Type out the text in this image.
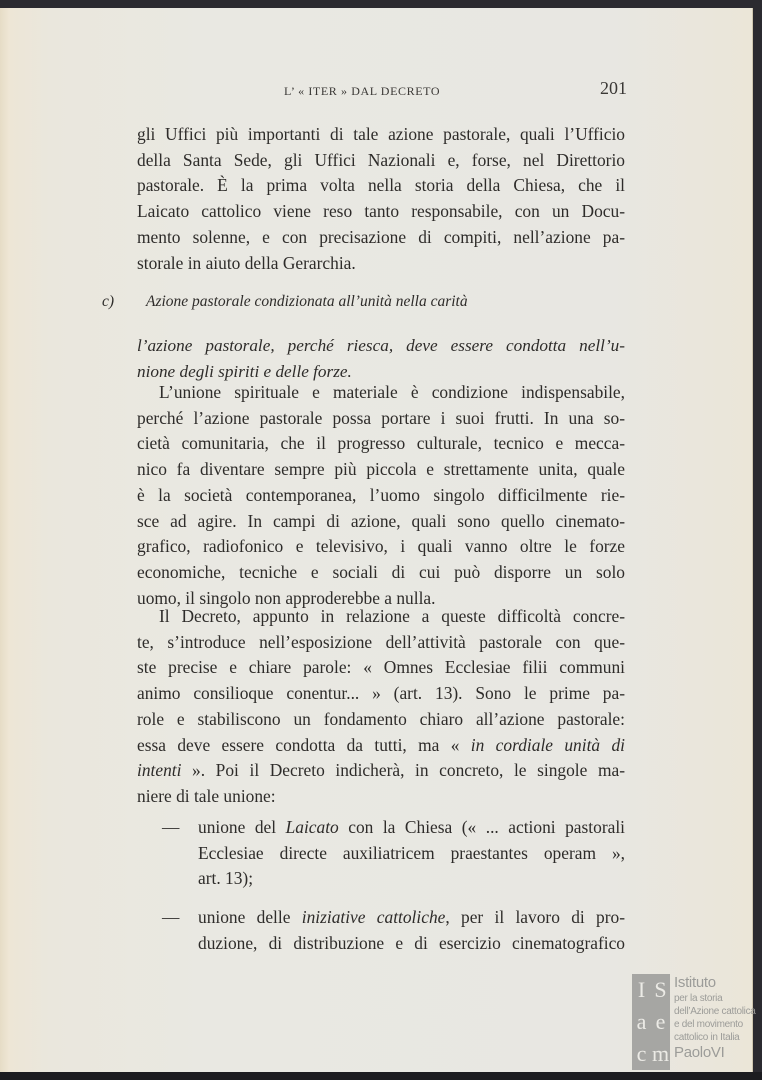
L’ « ITER » DAL DECRETO	201
gli Uffici più importanti di tale azione pastorale, quali l’Ufficio
della Santa Sede, gli Uffici Nazionali e, forse, nel Direttorio
pastorale. È la prima volta nella storia della Chiesa, che il
Laicato cattolico viene reso tanto responsabile, con un Docu-
mento solenne, e con precisazione di compiti, nell’azione pa-
storale in aiuto della Gerarchia.
c) Azione pastorale condizionata all’unità nella carità
l’azione pastorale, perché riesca, deve essere condotta nell’u-
nione degli spiriti e delle forze.
L’unione spirituale e materiale è condizione indispensabile,
perché l’azione pastorale possa portare i suoi frutti. In una so-
cietà comunitaria, che il progresso culturale, tecnico e mecca-
nico fa diventare sempre più piccola e strettamente unita, quale
è la società contemporanea, l’uomo singolo difficilmente rie-
sce ad agire. In campi di azione, quali sono quello cinemato-
grafico, radiofonico e televisivo, i quali vanno oltre le forze
economiche, tecniche e sociali di cui può disporre un solo
uomo, il singolo non approderebbe a nulla.
Il Decreto, appunto in relazione a queste difficoltà concre-
te, s’introduce nell’esposizione dell’attività pastorale con que-
ste precise e chiare parole: « Omnes Ecclesiae filii communi
animo consilioque conentur... » (art. 13). Sono le prime pa-
role e stabiliscono un fondamento chiaro all’azione pastorale:
essa deve essere condotta da tutti, ma « in cordiale unità di
intenti ». Poi il Decreto indicherà, in concreto, le singole ma-
niere di tale unione:
— unione del Laicato con la Chiesa (« ... actioni pastorali
Ecclesiae directe auxiliatricem praestantes operam »,
art. 13);
— unione delle iniziative cattoliche, per il lavoro di pro-
duzione, di distribuzione e di esercizio cinematografico
I S
a e
c m
Istituto
per la storia
dell’Azione cattolica
e del movimento
cattolico in Italia
PaoloVI
